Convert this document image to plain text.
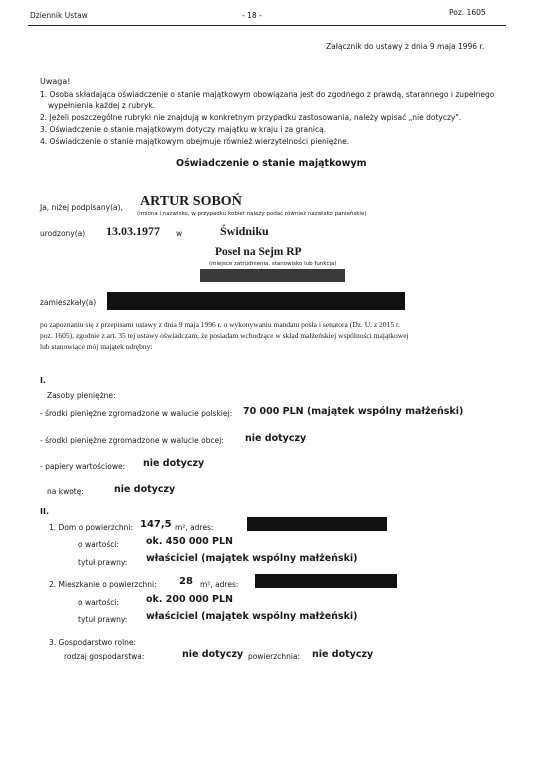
Dziennik Ustaw	- 18 -	Poz. 1605
Załącznik do ustawy z dnia 9 maja 1996 r.
Uwaga!
1. Osoba składająca oświadczenie o stanie majątkowym obowiązana jest do zgodnego z prawdą, starannego i zupełnego
wypełnienia każdej z rubryk.
2. Jeżeli poszczególne rubryki nie znajdują w konkretnym przypadku zastosowania, należy wpisać „nie dotyczy".
3. Oświadczenie o stanie majątkowym dotyczy majątku w kraju i za granicą.
4. Oświadczenie o stanie majątkowym obejmuje również wierzytelności pieniężne.
Oświadczenie o stanie majątkowym
Ja, niżej podpisany(a), ARTUR SOBOŃ
(imiona i nazwisko, w przypadku kobiet należy podać również nazwisko panieńskie)
urodzony(a) 13.03.1977 w	Świdniku
Poseł na Sejm RP
(miejsce zatrudnienia, stanowisko lub funkcja)
zamieszkały(a)
po zapoznaniu się z przepisami ustawy z dnia 9 maja 1996 r. o wykonywaniu mandatu posła i senatora (Dz. U. z 2015 r.
poz. 1605), zgodnie z art. 35 tej ustawy oświadczam, że posiadam wchodzące w skład małżeńskiej wspólności majątkowej
lub stanowiące mój majątek odrębny:
I.
Zasoby pieniężne:
- środki pieniężne zgromadzone w walucie polskiej: 70 000 PLN (majątek wspólny małżeński)
- środki pieniężne zgromadzone w walucie obcej: nie dotyczy
- papiery wartościowe: nie dotyczy
na kwotę:	nie dotyczy
II.
1. Dom o powierzchni: 147,5 m², adres:
o wartości:	ok. 450 000 PLN
tytuł prawny: właściciel (majątek wspólny małżeński)
2. Mieszkanie o powierzchni: 28 m², adres:
o wartości:	ok. 200 000 PLN
tytuł prawny: właściciel (majątek wspólny małżeński)
3. Gospodarstwo rolne:
rodzaj gospodarstwa:	nie dotyczy powierzchnia: nie dotyczy
